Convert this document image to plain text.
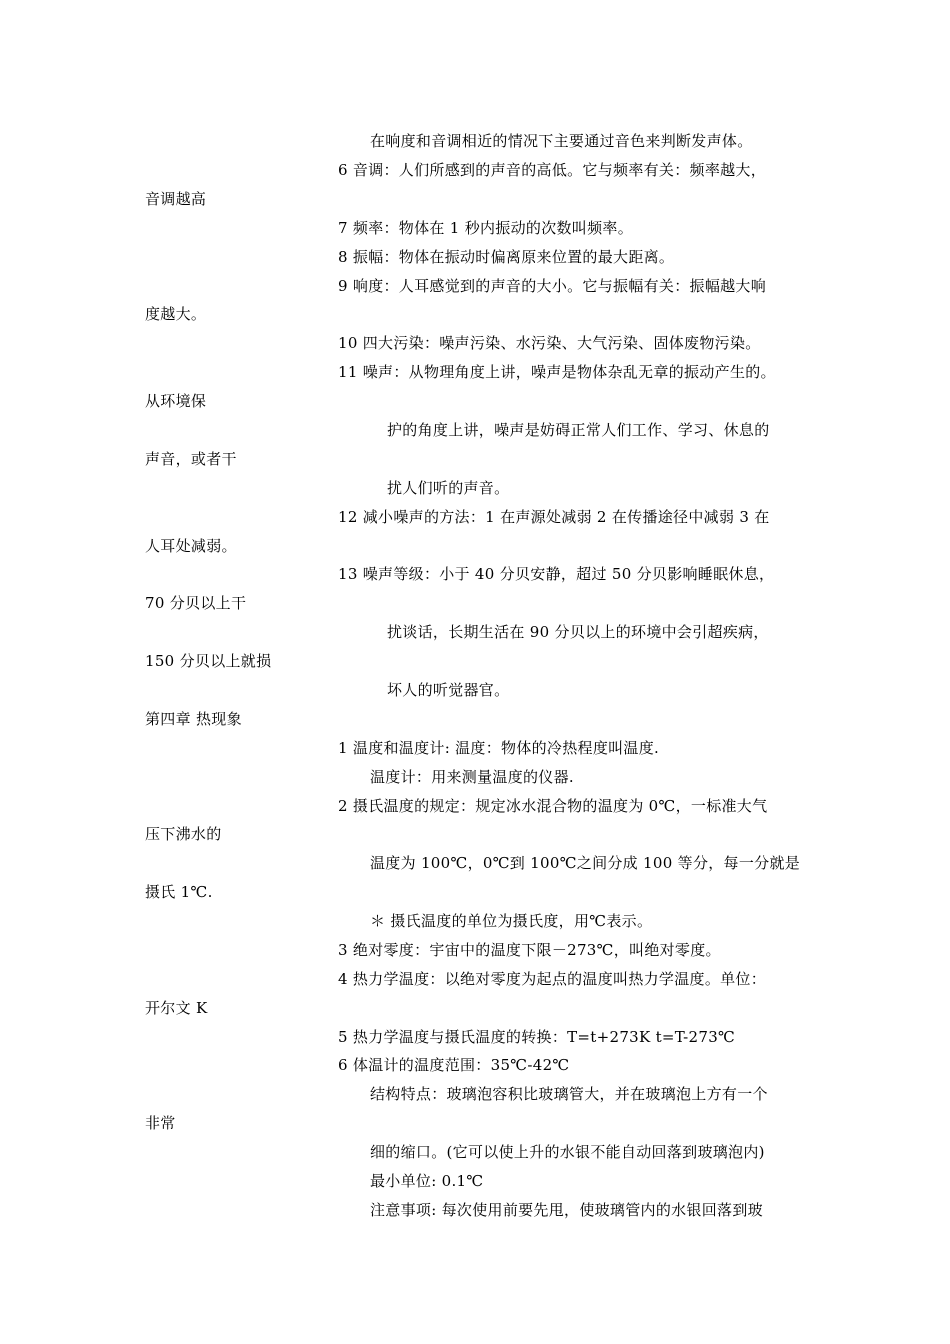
在响度和音调相近的情况下主要通过音色来判断发声体。
6 音调：人们所感到的声音的高低。它与频率有关：频率越大，
音调越高
7 频率：物体在 1 秒内振动的次数叫频率。
8 振幅：物体在振动时偏离原来位置的最大距离。
9 响度：人耳感觉到的声音的大小。它与振幅有关：振幅越大响
度越大。
10 四大污染：噪声污染、水污染、大气污染、固体废物污染。
11 噪声：从物理角度上讲，噪声是物体杂乱无章的振动产生的。
从环境保
护的角度上讲，噪声是妨碍正常人们工作、学习、休息的
声音，或者干
扰人们听的声音。
12 减小噪声的方法：1 在声源处减弱 2 在传播途径中减弱 3 在
人耳处减弱。
13 噪声等级：小于 40 分贝安静，超过 50 分贝影响睡眠休息，
70 分贝以上干
扰谈话，长期生活在 90 分贝以上的环境中会引超疾病，
150 分贝以上就损
坏人的听觉器官。
第四章 热现象
1 温度和温度计: 温度：物体的冷热程度叫温度.
温度计：用来测量温度的仪器.
2 摄氏温度的规定：规定冰水混合物的温度为 0℃，一标准大气
压下沸水的
温度为 100℃，0℃到 100℃之间分成 100 等分，每一分就是
摄氏 1℃.
＊ 摄氏温度的单位为摄氏度，用℃表示。
3 绝对零度：宇宙中的温度下限－273℃，叫绝对零度。
4 热力学温度：以绝对零度为起点的温度叫热力学温度。单位：
开尔文 K
5 热力学温度与摄氏温度的转换：T=t+273K t=T-273℃
6 体温计的温度范围：35℃-42℃
结构特点：玻璃泡容积比玻璃管大，并在玻璃泡上方有一个
非常
细的缩口。(它可以使上升的水银不能自动回落到玻璃泡内)
最小单位: 0.1℃
注意事项: 每次使用前要先甩，使玻璃管内的水银回落到玻
